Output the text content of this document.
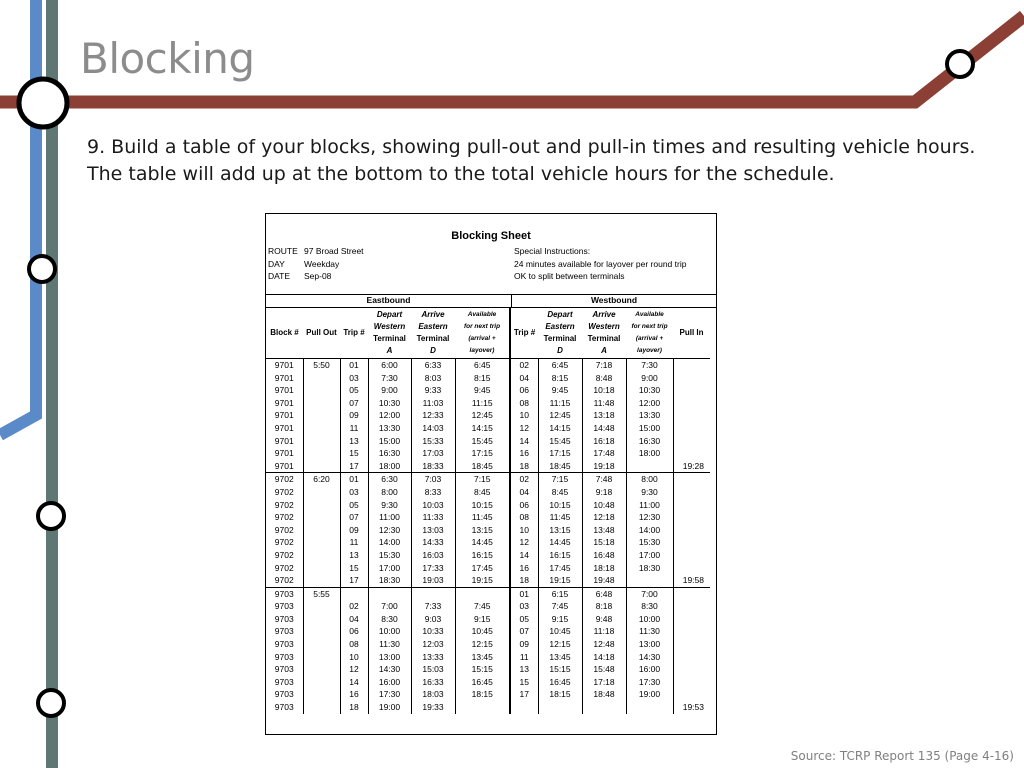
Blocking
9. Build a table of your blocks, showing pull-out and pull-in times and resulting vehicle hours. The table will add up at the bottom to the total vehicle hours for the schedule.
Blocking Sheet
ROUTE 97 Broad Street
DAY Weekday
DATE Sep-08
Special Instructions:
24 minutes available for layover per round trip
OK to split between terminals
Eastbound	Westbound
Block #	Pull Out	Trip #	Depart
Western
Terminal
A	Arrive
Eastern
Terminal
D	Available
for next trip
(arrival +
layover)	Trip #	Depart
Eastern
Terminal
D	Arrive
Western
Terminal
A	Available
for next trip
(arrival +
layover)	Pull In
9701	5:50	01	6:00	6:33	6:45	02	6:45	7:18	7:30	
9701		03	7:30	8:03	8:15	04	8:15	8:48	9:00	
9701		05	9:00	9:33	9:45	06	9:45	10:18	10:30	
9701		07	10:30	11:03	11:15	08	11:15	11:48	12:00	
9701		09	12:00	12:33	12:45	10	12:45	13:18	13:30	
9701		11	13:30	14:03	14:15	12	14:15	14:48	15:00	
9701		13	15:00	15:33	15:45	14	15:45	16:18	16:30	
9701		15	16:30	17:03	17:15	16	17:15	17:48	18:00	
9701		17	18:00	18:33	18:45	18	18:45	19:18		19:28
9702	6:20	01	6:30	7:03	7:15	02	7:15	7:48	8:00	
9702		03	8:00	8:33	8:45	04	8:45	9:18	9:30	
9702		05	9:30	10:03	10:15	06	10:15	10:48	11:00	
9702		07	11:00	11:33	11:45	08	11:45	12:18	12:30	
9702		09	12:30	13:03	13:15	10	13:15	13:48	14:00	
9702		11	14:00	14:33	14:45	12	14:45	15:18	15:30	
9702		13	15:30	16:03	16:15	14	16:15	16:48	17:00	
9702		15	17:00	17:33	17:45	16	17:45	18:18	18:30	
9702		17	18:30	19:03	19:15	18	19:15	19:48		19:58
9703	5:55					01	6:15	6:48	7:00	
9703		02	7:00	7:33	7:45	03	7:45	8:18	8:30	
9703		04	8:30	9:03	9:15	05	9:15	9:48	10:00	
9703		06	10:00	10:33	10:45	07	10:45	11:18	11:30	
9703		08	11:30	12:03	12:15	09	12:15	12:48	13:00	
9703		10	13:00	13:33	13:45	11	13:45	14:18	14:30	
9703		12	14:30	15:03	15:15	13	15:15	15:48	16:00	
9703		14	16:00	16:33	16:45	15	16:45	17:18	17:30	
9703		16	17:30	18:03	18:15	17	18:15	18:48	19:00	
9703		18	19:00	19:33						19:53
Source: TCRP Report 135 (Page 4-16)
